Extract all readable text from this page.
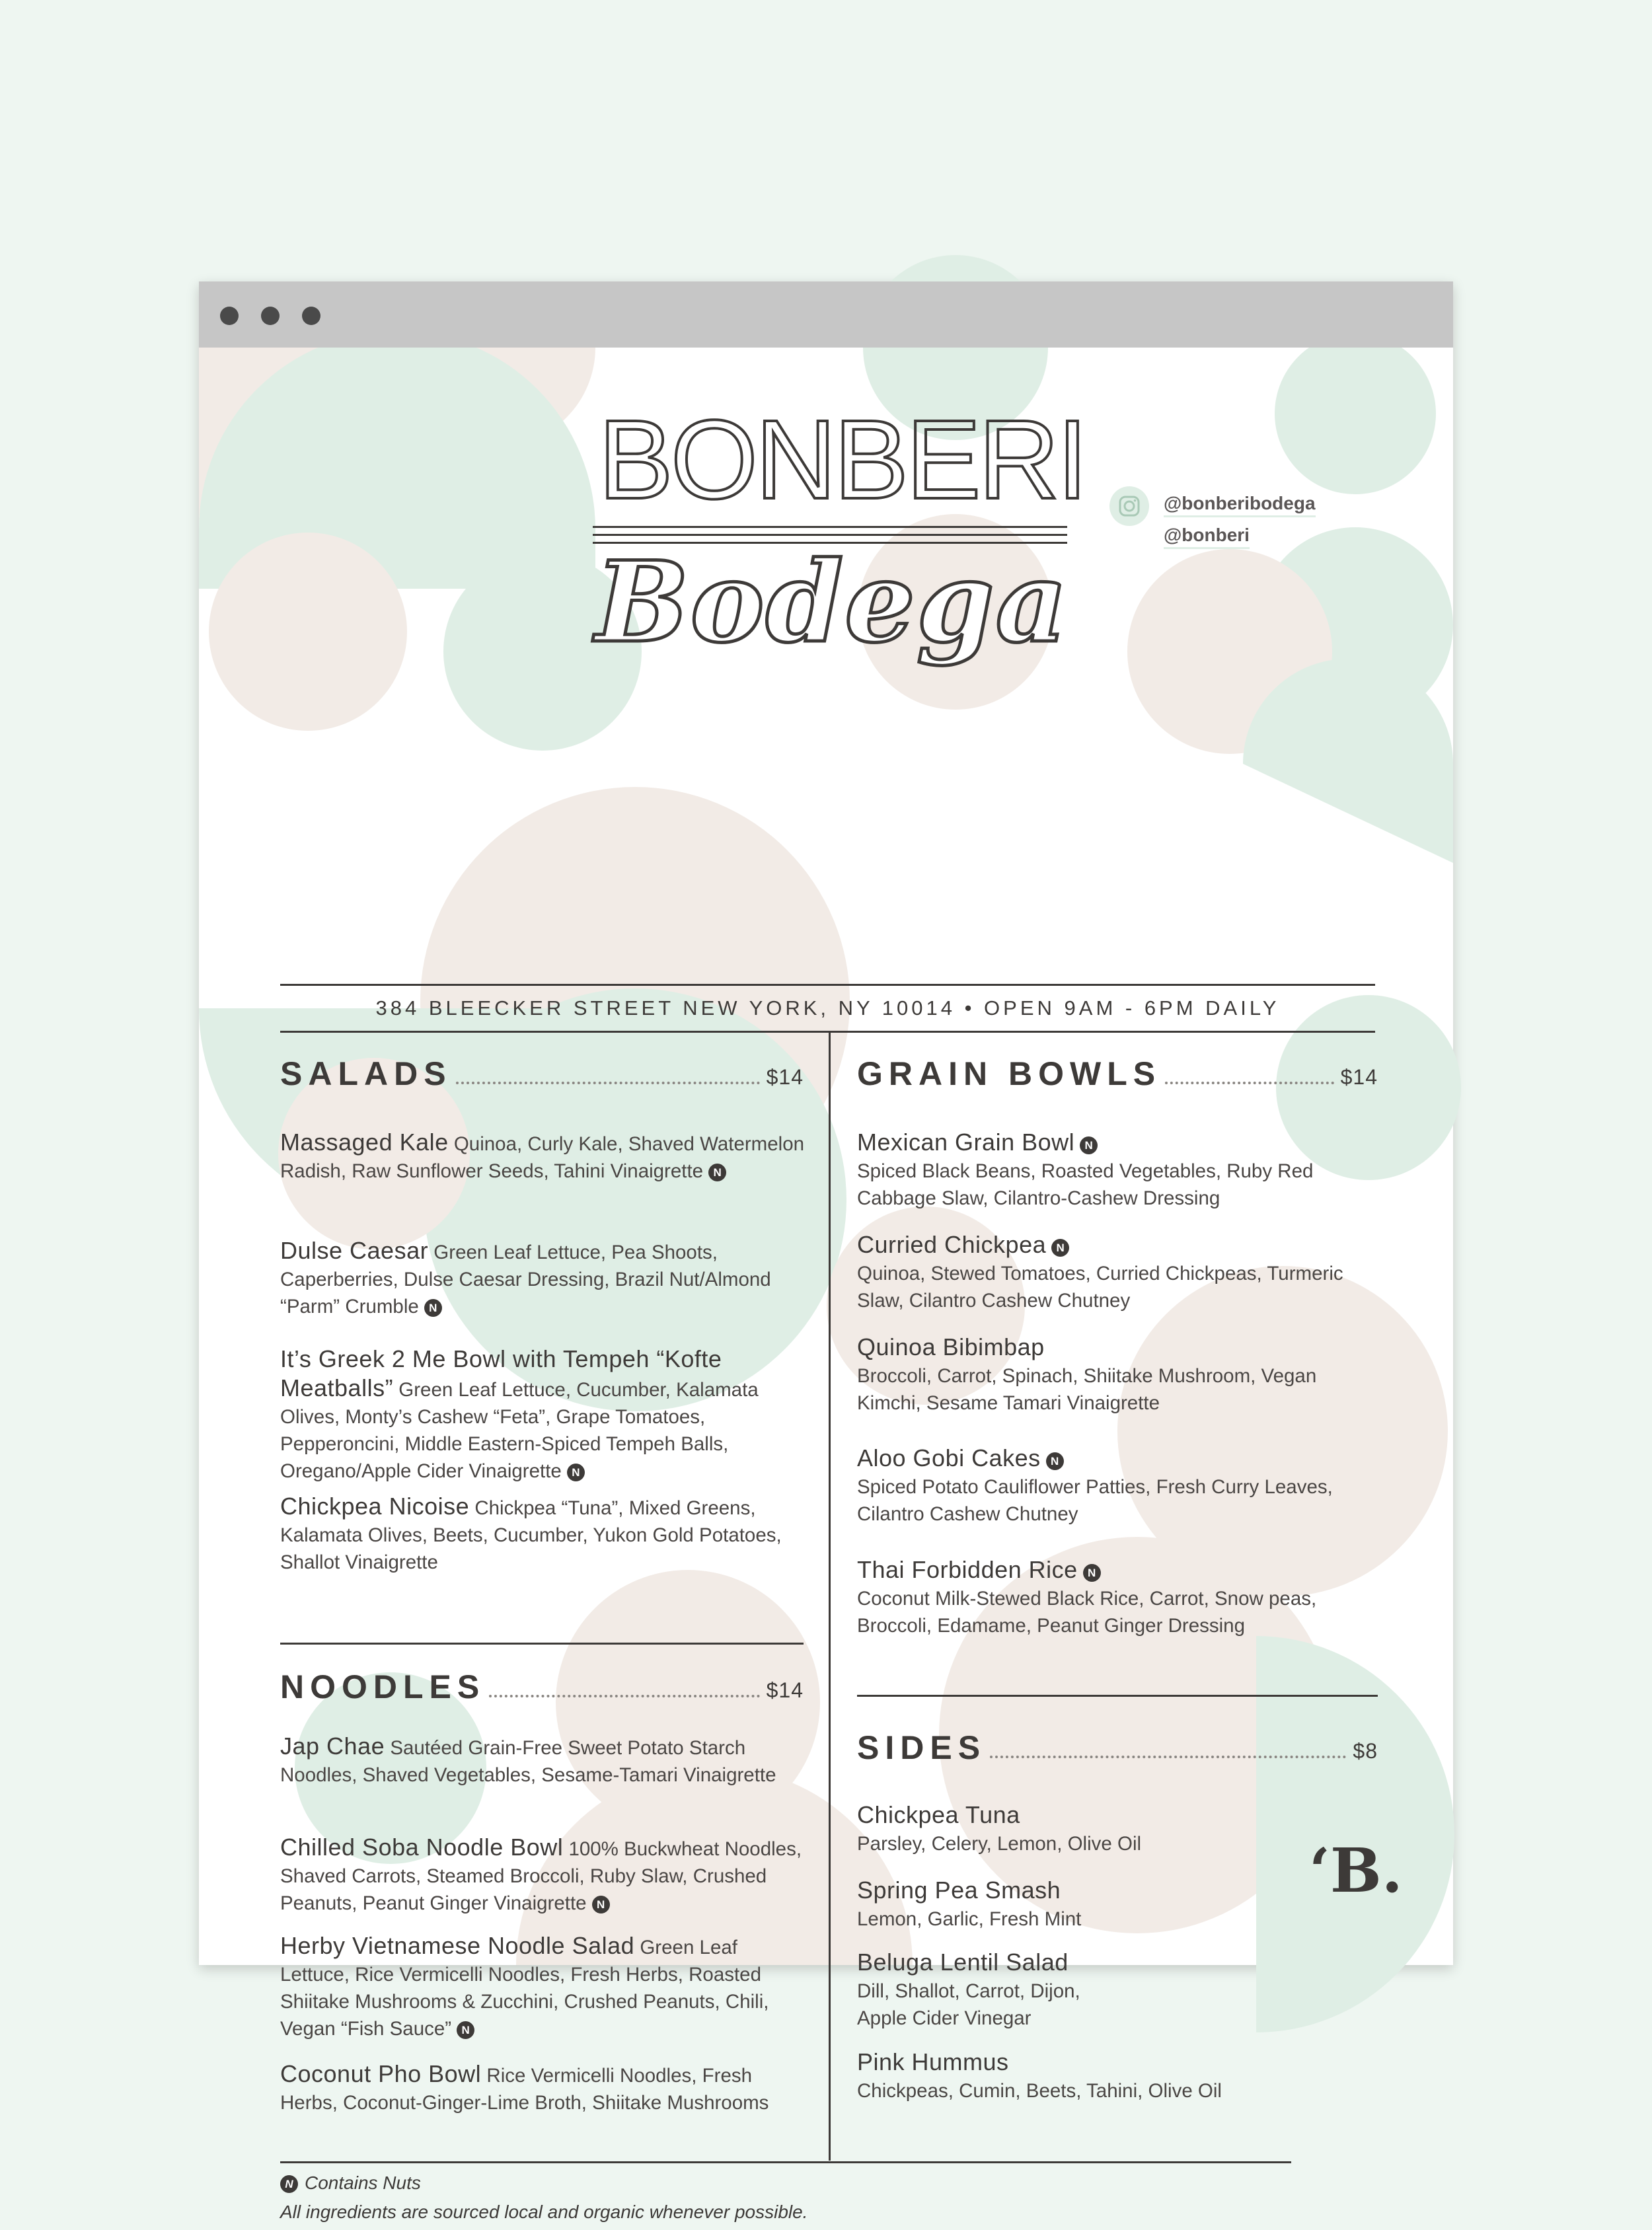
BONBERI
Bodega
@bonberibodega
@bonberi
384 BLEECKER STREET NEW YORK, NY 10014 • OPEN 9AM - 6PM DAILY
SALADS	$14
Massaged Kale Quinoa, Curly Kale, Shaved Watermelon Radish, Raw Sunflower Seeds, Tahini Vinaigrette N
Dulse Caesar Green Leaf Lettuce, Pea Shoots, Caperberries, Dulse Caesar Dressing, Brazil Nut/Almond “Parm” Crumble N
It’s Greek 2 Me Bowl with Tempeh “Kofte Meatballs” Green Leaf Lettuce, Cucumber, Kalamata Olives, Monty’s Cashew “Feta”, Grape Tomatoes, Pepperoncini, Middle Eastern-Spiced Tempeh Balls, Oregano/Apple Cider Vinaigrette N
Chickpea Nicoise Chickpea “Tuna”, Mixed Greens, Kalamata Olives, Beets, Cucumber, Yukon Gold Potatoes, Shallot Vinaigrette
NOODLES	$14
Jap Chae Sautéed Grain-Free Sweet Potato Starch Noodles, Shaved Vegetables, Sesame-Tamari Vinaigrette
Chilled Soba Noodle Bowl 100% Buckwheat Noodles, Shaved Carrots, Steamed Broccoli, Ruby Slaw, Crushed Peanuts, Peanut Ginger Vinaigrette N
Herby Vietnamese Noodle Salad Green Leaf Lettuce, Rice Vermicelli Noodles, Fresh Herbs, Roasted Shiitake Mushrooms & Zucchini, Crushed Peanuts, Chili, Vegan “Fish Sauce” N
Coconut Pho Bowl Rice Vermicelli Noodles, Fresh Herbs, Coconut-Ginger-Lime Broth, Shiitake Mushrooms
GRAIN BOWLS	$14
Mexican Grain Bowl N
Spiced Black Beans, Roasted Vegetables, Ruby Red Cabbage Slaw, Cilantro-Cashew Dressing
Curried Chickpea N
Quinoa, Stewed Tomatoes, Curried Chickpeas, Turmeric Slaw, Cilantro Cashew Chutney
Quinoa Bibimbap
Broccoli, Carrot, Spinach, Shiitake Mushroom, Vegan Kimchi, Sesame Tamari Vinaigrette
Aloo Gobi Cakes N
Spiced Potato Cauliflower Patties, Fresh Curry Leaves, Cilantro Cashew Chutney
Thai Forbidden Rice N
Coconut Milk-Stewed Black Rice, Carrot, Snow peas, Broccoli, Edamame, Peanut Ginger Dressing
SIDES	$8
Chickpea Tuna
Parsley, Celery, Lemon, Olive Oil
Spring Pea Smash
Lemon, Garlic, Fresh Mint
Beluga Lentil Salad
Dill, Shallot, Carrot, Dijon, Apple Cider Vinegar
Pink Hummus
Chickpeas, Cumin, Beets, Tahini, Olive Oil
‘B.
N Contains Nuts
All ingredients are sourced local and organic whenever possible.
